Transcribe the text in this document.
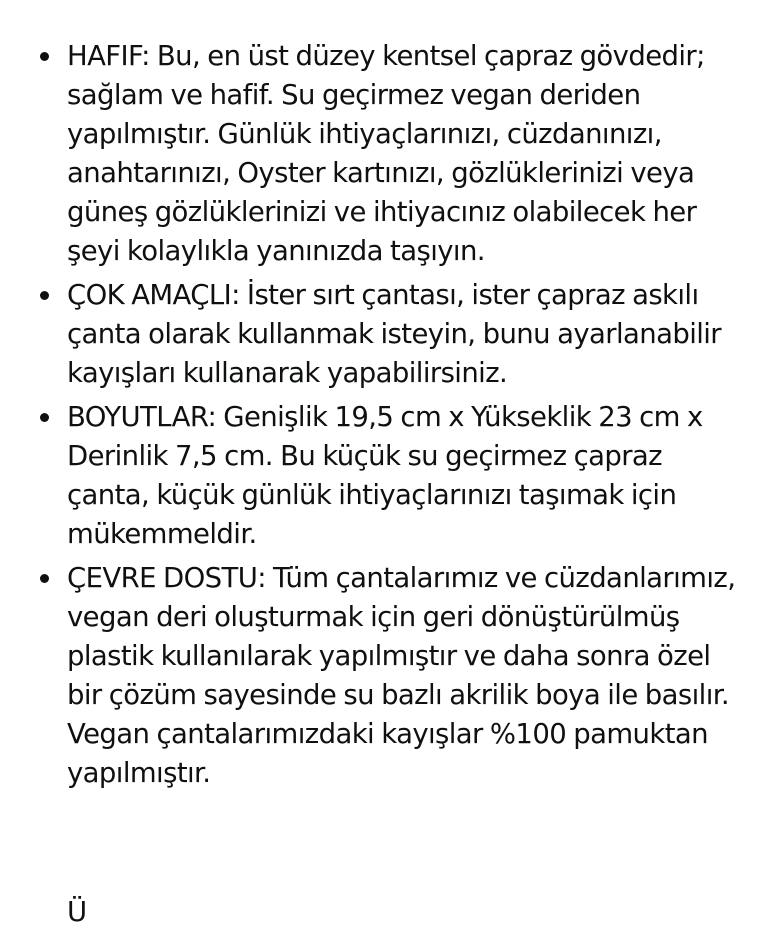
HAFIF: Bu, en üst düzey kentsel çapraz gövdedir; sağlam ve hafif. Su geçirmez vegan deriden yapılmıştır. Günlük ihtiyaçlarınızı, cüzdanınızı, anahtarınızı, Oyster kartınızı, gözlüklerinizi veya güneş gözlüklerinizi ve ihtiyacınız olabilecek her şeyi kolaylıkla yanınızda taşıyın.
ÇOK AMAÇLI: İster sırt çantası, ister çapraz askılı çanta olarak kullanmak isteyin, bunu ayarlanabilir kayışları kullanarak yapabilirsiniz.
BOYUTLAR: Genişlik 19,5 cm x Yükseklik 23 cm x Derinlik 7,5 cm. Bu küçük su geçirmez çapraz çanta, küçük günlük ihtiyaçlarınızı taşımak için mükemmeldir.
ÇEVRE DOSTU: Tüm çantalarımız ve cüzdanlarımız, vegan deri oluşturmak için geri dönüştürülmüş plastik kullanılarak yapılmıştır ve daha sonra özel bir çözüm sayesinde su bazlı akrilik boya ile basılır. Vegan çantalarımızdaki kayışlar %100 pamuktan yapılmıştır.
Ü
